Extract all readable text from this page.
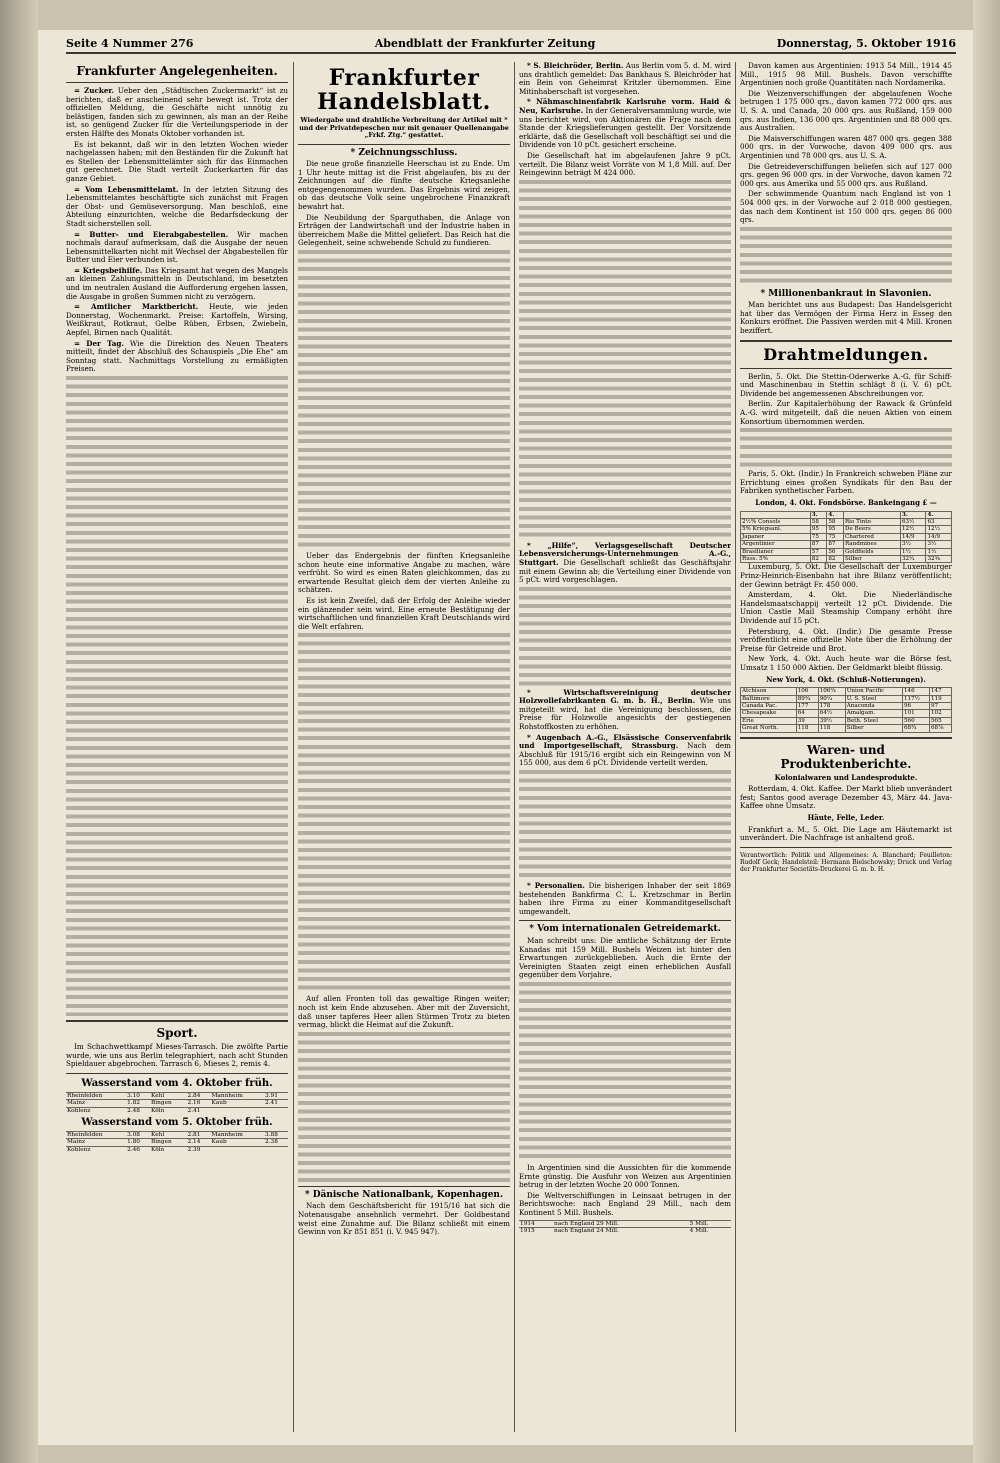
Seite 4 Nummer 276	Abendblatt der Frankfurter Zeitung	Donnerstag, 5. Oktober 1916
Frankfurter Angelegenheiten.

= Zucker. Ueber den „Städtischen Zuckermarkt“ ist zu berichten, daß er anscheinend sehr bewegt ist. Trotz der offiziellen Meldung, die Geschäfte nicht unnötig zu belästigen, fanden sich zu gewinnen, als man an der Reihe ist, so genügend Zucker für die Verteilungsperiode in der ersten Hälfte des Monats Oktober vorhanden ist.

Es ist bekannt, daß wir in den letzten Wochen wieder nachgelassen haben; mit den Beständen für die Zukunft hat es Stellen der Lebensmittelämter sich für das Einmachen gut gerechnet. Die Stadt verteilt Zuckerkarten für das ganze Gebiet.

= Vom Lebensmittelamt. In der letzten Sitzung des Lebensmittelamtes beschäftigte sich zunächst mit Fragen der Obst- und Gemüseversorgung. Man beschloß, eine Abteilung einzurichten, welche die Bedarfsdeckung der Stadt sicherstellen soll.

= Butter- und Eierabgabestellen. Wir machen nochmals darauf aufmerksam, daß die Ausgabe der neuen Lebensmittelkarten nicht mit Wechsel der Abgabestellen für Butter und Eier verbunden ist.

= Kriegsbeihilfe. Das Kriegsamt hat wegen des Mangels an kleinen Zahlungsmitteln in Deutschland, im besetzten und im neutralen Ausland die Aufforderung ergehen lassen, die Ausgabe in großen Summen nicht zu verzögern.

= Amtlicher Marktbericht. Heute, wie jeden Donnerstag, Wochenmarkt. Preise: Kartoffeln, Wirsing, Weißkraut, Rotkraut, Gelbe Rüben, Erbsen, Zwiebeln, Aepfel, Birnen nach Qualität.

= Der Tag. Wie die Direktion des Neuen Theaters mitteilt, findet der Abschluß des Schauspiels „Die Ehe“ am Sonntag statt. Nachmittags Vorstellung zu ermäßigten Preisen.

Sport.

Im Schachwettkampf Mieses-Tarrasch. Die zwölfte Partie wurde, wie uns aus Berlin telegraphiert, nach acht Stunden Spieldauer abgebrochen. Tarrasch 6, Mieses 2, remis 4.

Wasserstand vom 4. Oktober früh.
Rheinfelden	3.10	Kehl	2.84	Mannheim	3.91
Mainz	1.82	Bingen	2.16	Kaub	2.41
Koblenz	2.48	Köln	2.41		
Wasserstand vom 5. Oktober früh.
Rheinfelden	3.08	Kehl	2.81	Mannheim	3.88
Mainz	1.80	Bingen	2.14	Kaub	2.38
Koblenz	2.46	Köln	2.39		
Frankfurter Handelsblatt.
Wiedergabe und drahtliche Verbreitung der Artikel mit * und der Privatdepeschen nur mit genauer Quellenangabe „Frkf. Ztg.“ gestattet.
* Zeichnungsschluss.

Die neue große finanzielle Heerschau ist zu Ende. Um 1 Uhr heute mittag ist die Frist abgelaufen, bis zu der Zeichnungen auf die fünfte deutsche Kriegsanleihe entgegengenommen wurden. Das Ergebnis wird zeigen, ob das deutsche Volk seine ungebrochene Finanzkraft bewahrt hat.

Die Neubildung der Sparguthaben, die Anlage von Erträgen der Landwirtschaft und der Industrie haben in überreichem Maße die Mittel geliefert. Das Reich hat die Gelegenheit, seine schwebende Schuld zu fundieren.

Ueber das Endergebnis der fünften Kriegsanleihe schon heute eine informative Angabe zu machen, wäre verfrüht. So wird es einen Raten gleichkommen, das zu erwartende Resultat gleich dem der vierten Anleihe zu schätzen.

Es ist kein Zweifel, daß der Erfolg der Anleihe wieder ein glänzender sein wird. Eine erneute Bestätigung der wirtschaftlichen und finanziellen Kraft Deutschlands wird die Welt erfahren.

Auf allen Fronten toll das gewaltige Ringen weiter; noch ist kein Ende abzusehen. Aber mit der Zuversicht, daß unser tapferes Heer allen Stürmen Trotz zu bieten vermag, blickt die Heimat auf die Zukunft.

* Dänische Nationalbank, Kopenhagen.

Nach dem Geschäftsbericht für 1915/16 hat sich die Notenausgabe ansehnlich vermehrt. Der Goldbestand weist eine Zunahme auf. Die Bilanz schließt mit einem Gewinn von Kr 851 851 (i. V. 945 947).

* S. Bleichröder, Berlin. Aus Berlin vom 5. d. M. wird uns drahtlich gemeldet: Das Bankhaus S. Bleichröder hat ein Bein von Geheimrat Kritzler übernommen. Eine Mitinhaberschaft ist vorgesehen.

* Nähmaschinenfabrik Karlsruhe vorm. Haid & Neu, Karlsruhe. In der Generalversammlung wurde, wie uns berichtet wird, von Aktionären die Frage nach dem Stande der Kriegslieferungen gestellt. Der Vorsitzende erklärte, daß die Gesellschaft voll beschäftigt sei und die Dividende von 10 pCt. gesichert erscheine.

Die Gesellschaft hat im abgelaufenen Jahre 9 pCt. verteilt. Die Bilanz weist Vorräte von M 1,8 Mill. auf. Der Reingewinn beträgt M 424 000.

* „Hilfe“, Verlagsgesellschaft Deutscher Lebensversicherungs-Unternehmungen A.-G., Stuttgart. Die Gesellschaft schließt das Geschäftsjahr mit einem Gewinn ab; die Verteilung einer Dividende von 5 pCt. wird vorgeschlagen.

* Wirtschaftsvereinigung deutscher Holzwollefabrikanten G. m. b. H., Berlin. Wie uns mitgeteilt wird, hat die Vereinigung beschlossen, die Preise für Holzwolle angesichts der gestiegenen Rohstoffkosten zu erhöhen.

* Augenbach A.-G., Elsässische Conservenfabrik und Importgesellschaft, Strassburg. Nach dem Abschluß für 1915/16 ergibt sich ein Reingewinn von M 155 000, aus dem 6 pCt. Dividende verteilt werden.

* Personalien. Die bisherigen Inhaber der seit 1869 bestehenden Bankfirma C. L. Kretzschmar in Berlin haben ihre Firma zu einer Kommanditgesellschaft umgewandelt.

* Vom internationalen Getreidemarkt.

Man schreibt uns: Die amtliche Schätzung der Ernte Kanadas mit 159 Mill. Bushels Weizen ist hinter den Erwartungen zurückgeblieben. Auch die Ernte der Vereinigten Staaten zeigt einen erheblichen Ausfall gegenüber dem Vorjahre.

In Argentinien sind die Aussichten für die kommende Ernte günstig. Die Ausfuhr von Weizen aus Argentinien betrug in der letzten Woche 20 000 Tonnen.

Die Weltverschiffungen in Leinsaat betrugen in der Berichtswoche: nach England 29 Mill., nach dem Kontinent 5 Mill. Bushels.

1914	nach England 29 Mill.	5 Mill.
1915	nach England 24 Mill.	4 Mill.

Davon kamen aus Argentinien: 1913 54 Mill., 1914 45 Mill., 1915 98 Mill. Bushels. Davon verschiffte Argentinien noch große Quantitäten nach Nordamerika.

Die Weizenverschiffungen der abgelaufenen Woche betrugen 1 175 000 qrs., davon kamen 772 000 qrs. aus U. S. A. und Canada, 20 000 qrs. aus Rußland, 159 000 qrs. aus Indien, 136 000 qrs. Argentinien und 88 000 qrs. aus Australien.

Die Maisverschiffungen waren 487 000 qrs. gegen 388 000 qrs. in der Vorwoche, davon 409 000 qrs. aus Argentinien und 78 000 qrs. aus U. S. A.

Die Getreideverschiffungen beliefen sich auf 127 000 qrs. gegen 96 000 qrs. in der Vorwoche, davon kamen 72 000 qrs. aus Amerika und 55 000 qrs. aus Rußland.

Der schwimmende Quantum nach England ist von 1 504 000 qrs. in der Vorwoche auf 2 018 000 gestiegen, das nach dem Kontinent ist 150 000 qrs. gegen 86 000 qrs.

* Millionenbankraut in Slavonien.

Man berichtet uns aus Budapest: Das Handelsgericht hat über das Vermögen der Firma Herz in Esseg den Konkurs eröffnet. Die Passiven werden mit 4 Mill. Kronen beziffert.

Drahtmeldungen.

Berlin, 5. Okt. Die Stettin-Oderwerke A.-G. für Schiff- und Maschinenbau in Stettin schlägt 8 (i. V. 6) pCt. Dividende bei angemessenen Abschreibungen vor.

Berlin. Zur Kapitalerhöhung der Rawack & Grünfeld A.-G. wird mitgeteilt, daß die neuen Aktien von einem Konsortium übernommen werden.

Paris, 5. Okt. (Indir.) In Frankreich schweben Pläne zur Errichtung eines großen Syndikats für den Bau der Fabriken synthetischer Farben.

London, 4. Okt. Fondsbörse. Bankeingang £ —
	3.	4.		3.	4.
2½% Consols	58	58	Rio Tinto	63½	63
5% Kriegsanl.	95	95	De Beers	12½	12½
Japaner	75	75	Chartered	14/9	14/9
Argentinier	87	87	Randmines	3½	3½
Brasilianer	57	56	Goldfields	1½	1½
Russ. 5%	82	82	Silber	32¼	32⅜

Luxemburg, 5. Okt. Die Gesellschaft der Luxemburger Prinz-Heinrich-Eisenbahn hat ihre Bilanz veröffentlicht; der Gewinn beträgt Fr. 450 000.

Amsterdam, 4. Okt. Die Niederländische Handelsmaatschappij verteilt 12 pCt. Dividende. Die Union Castle Mail Steamship Company erhöht ihre Dividende auf 15 pCt.

Petersburg, 4. Okt. (Indir.) Die gesamte Presse veröffentlicht eine offizielle Note über die Erhöhung der Preise für Getreide und Brot.

New York, 4. Okt. Auch heute war die Börse fest, Umsatz 1 150 000 Aktien. Der Geldmarkt bleibt flüssig.

New York, 4. Okt. (Schluß-Notierungen).
Atchison	106	106¾	Union Pacific	146	147
Baltimore	89¾	90¼	U. S. Steel	117½	119
Canada Pac.	177	178	Anaconda	96	97
Chesapeake	64	64½	Amalgam.	101	102
Erie	39	39½	Beth. Steel	560	565
Great North.	118	118	Silber	68¾	68⅞
Waren- und Produktenberichte.
Kolonialwaren und Landesprodukte.

Rotterdam, 4. Okt. Kaffee. Der Markt blieb unverändert fest; Santos good average Dezember 43, März 44. Java-Kaffee ohne Umsatz.

Häute, Felle, Leder.

Frankfurt a. M., 5. Okt. Die Lage am Häutemarkt ist unverändert. Die Nachfrage ist anhaltend groß.

Verantwortlich: Politik und Allgemeines: A. Blanchard; Feuilleton: Rudolf Geck; Handelsteil: Hermann Bielschowsky; Druck und Verlag der Frankfurter Societäts-Druckerei G. m. b. H.
